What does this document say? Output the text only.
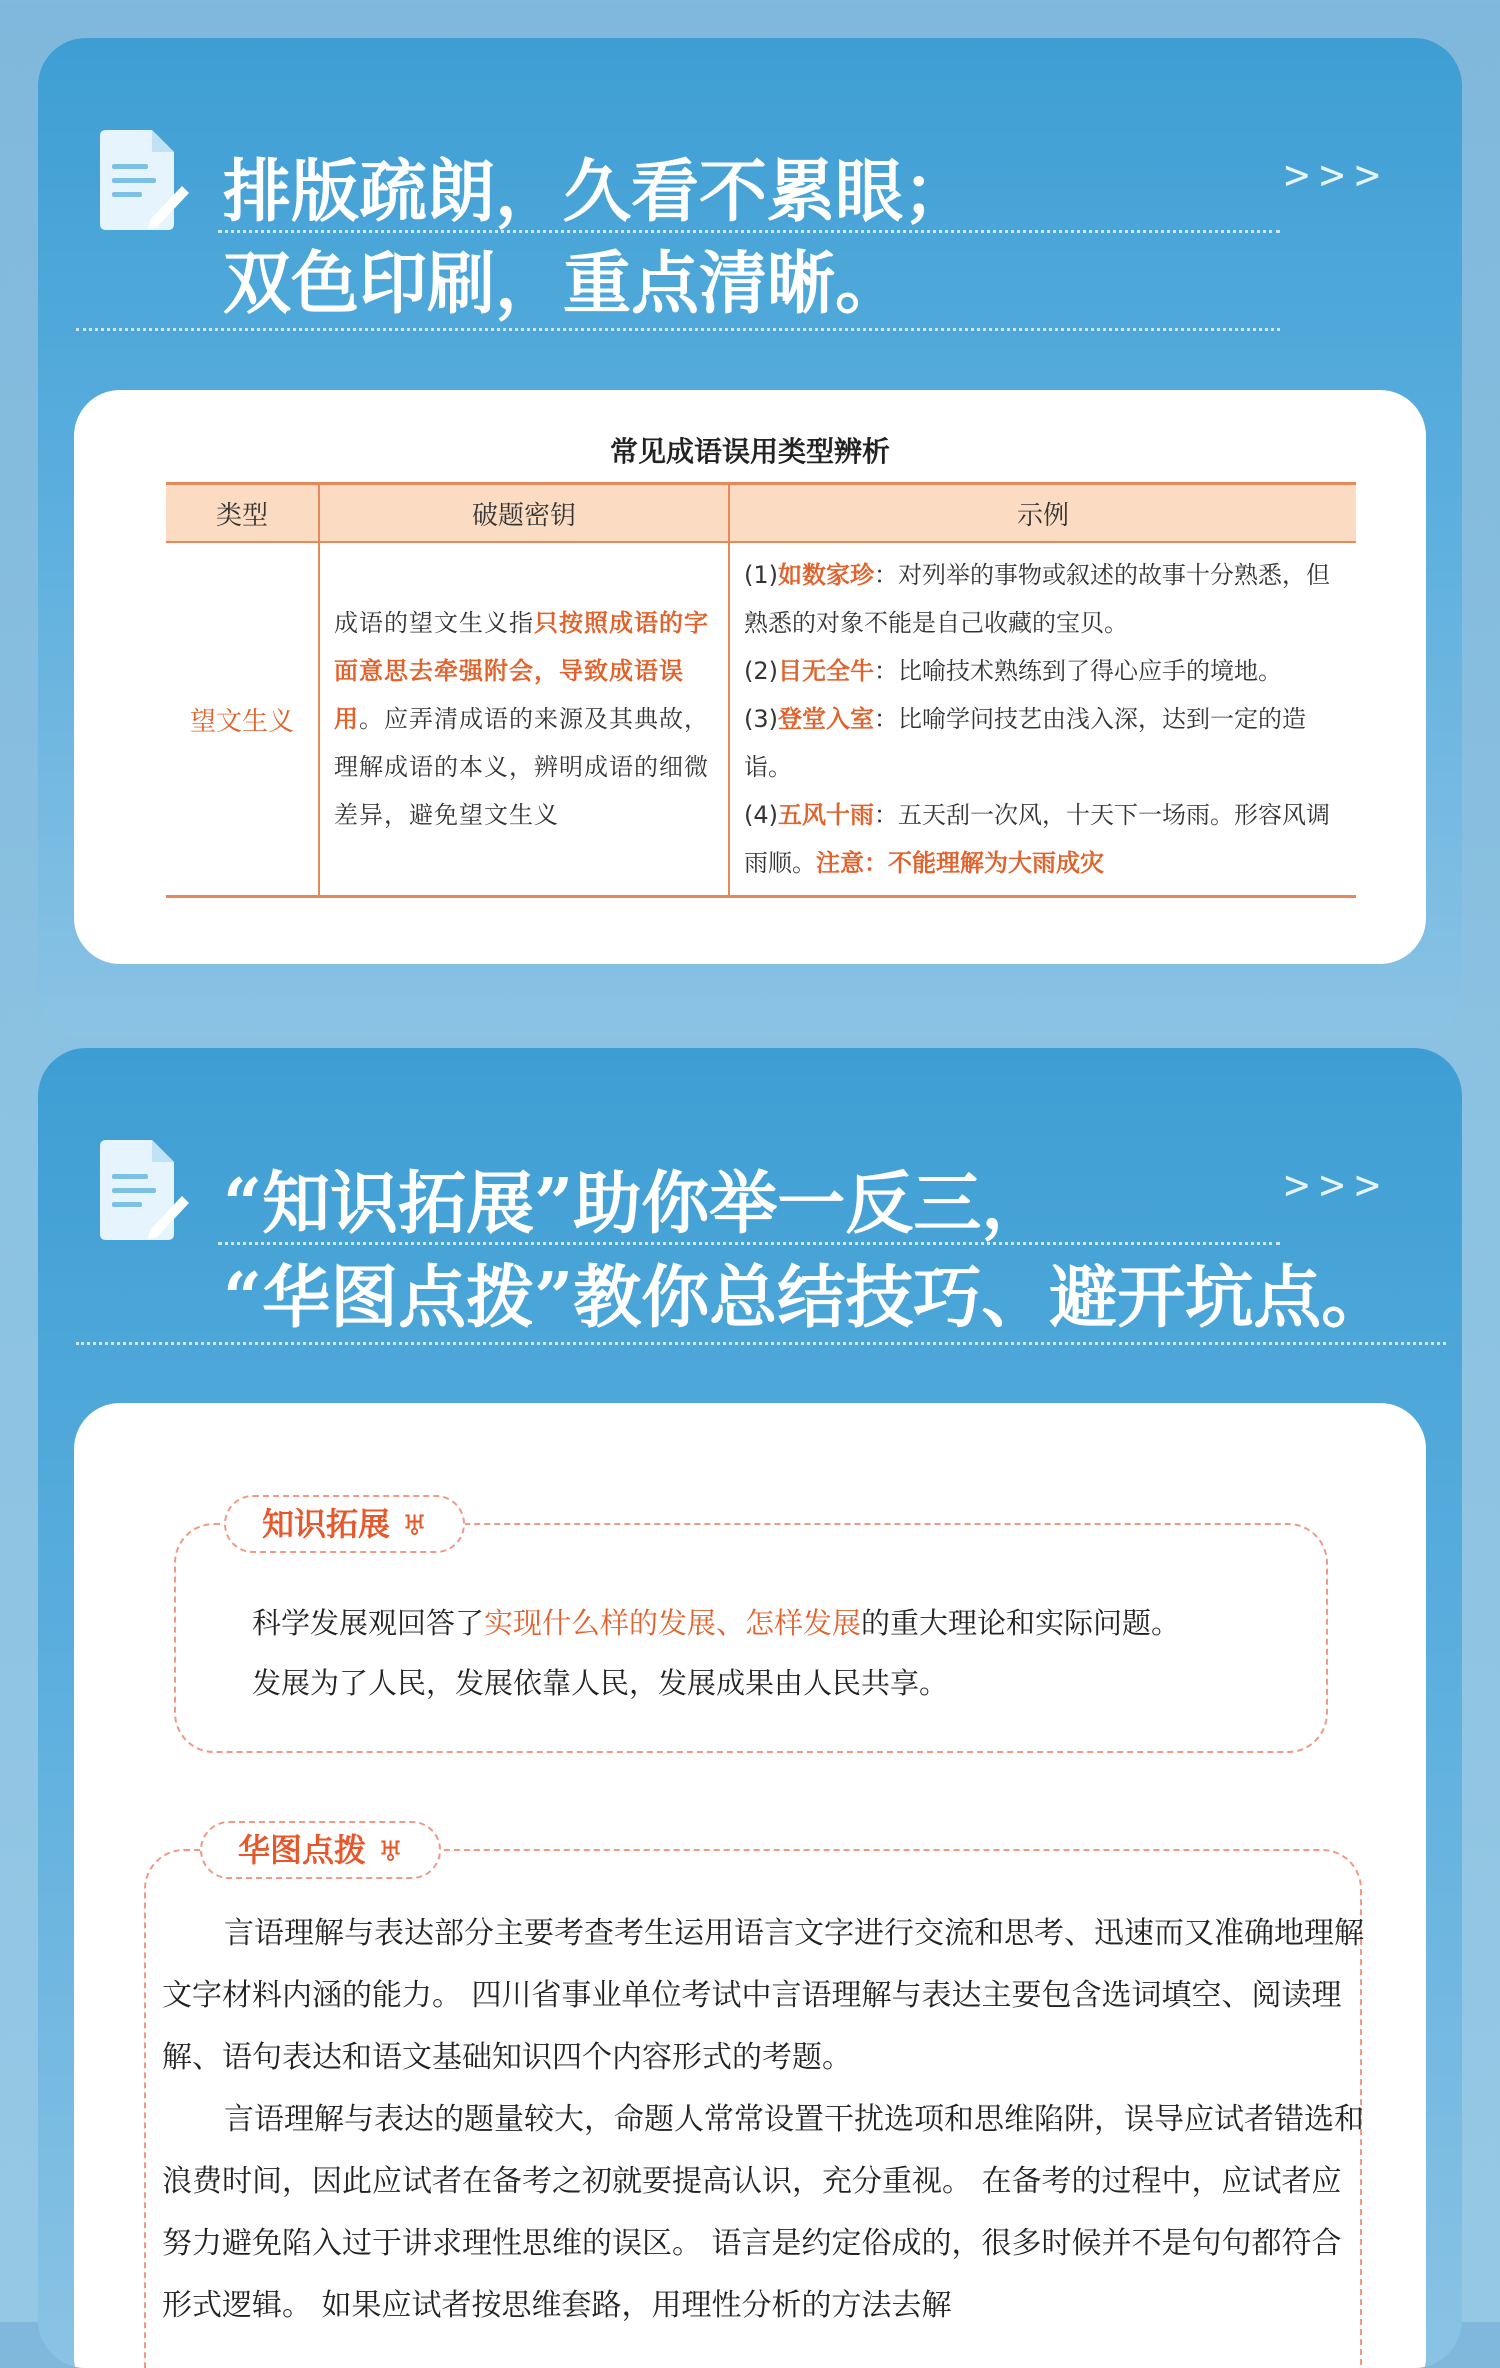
>>>
排版疏朗，久看不累眼；
双色印刷，重点清晰。
常见成语误用类型辨析
类型	破题密钥	示例
望文生义	成语的望文生义指只按照成语的字面意思去牵强附会，导致成语误用。应弄清成语的来源及其典故，理解成语的本义，辨明成语的细微差异，避免望文生义	(1)如数家珍：对列举的事物或叙述的故事十分熟悉，但熟悉的对象不能是自己收藏的宝贝。
(2)目无全牛：比喻技术熟练到了得心应手的境地。
(3)登堂入室：比喻学问技艺由浅入深，达到一定的造诣。
(4)五风十雨：五天刮一次风，十天下一场雨。形容风调雨顺。注意：不能理解为大雨成灾
>>>
“知识拓展”助你举一反三，
“华图点拨”教你总结技巧、避开坑点。
知识拓展 ♅
科学发展观回答了实现什么样的发展、怎样发展的重大理论和实际问题。
发展为了人民，发展依靠人民，发展成果由人民共享。
华图点拨 ♅
言语理解与表达部分主要考查考生运用语言文字进行交流和思考、迅速而又准确地理解文字材料内涵的能力。 四川省事业单位考试中言语理解与表达主要包含选词填空、阅读理解、语句表达和语文基础知识四个内容形式的考题。
言语理解与表达的题量较大，命题人常常设置干扰选项和思维陷阱，误导应试者错选和浪费时间，因此应试者在备考之初就要提高认识，充分重视。 在备考的过程中，应试者应努力避免陷入过于讲求理性思维的误区。 语言是约定俗成的，很多时候并不是句句都符合形式逻辑。 如果应试者按思维套路，用理性分析的方法去解
